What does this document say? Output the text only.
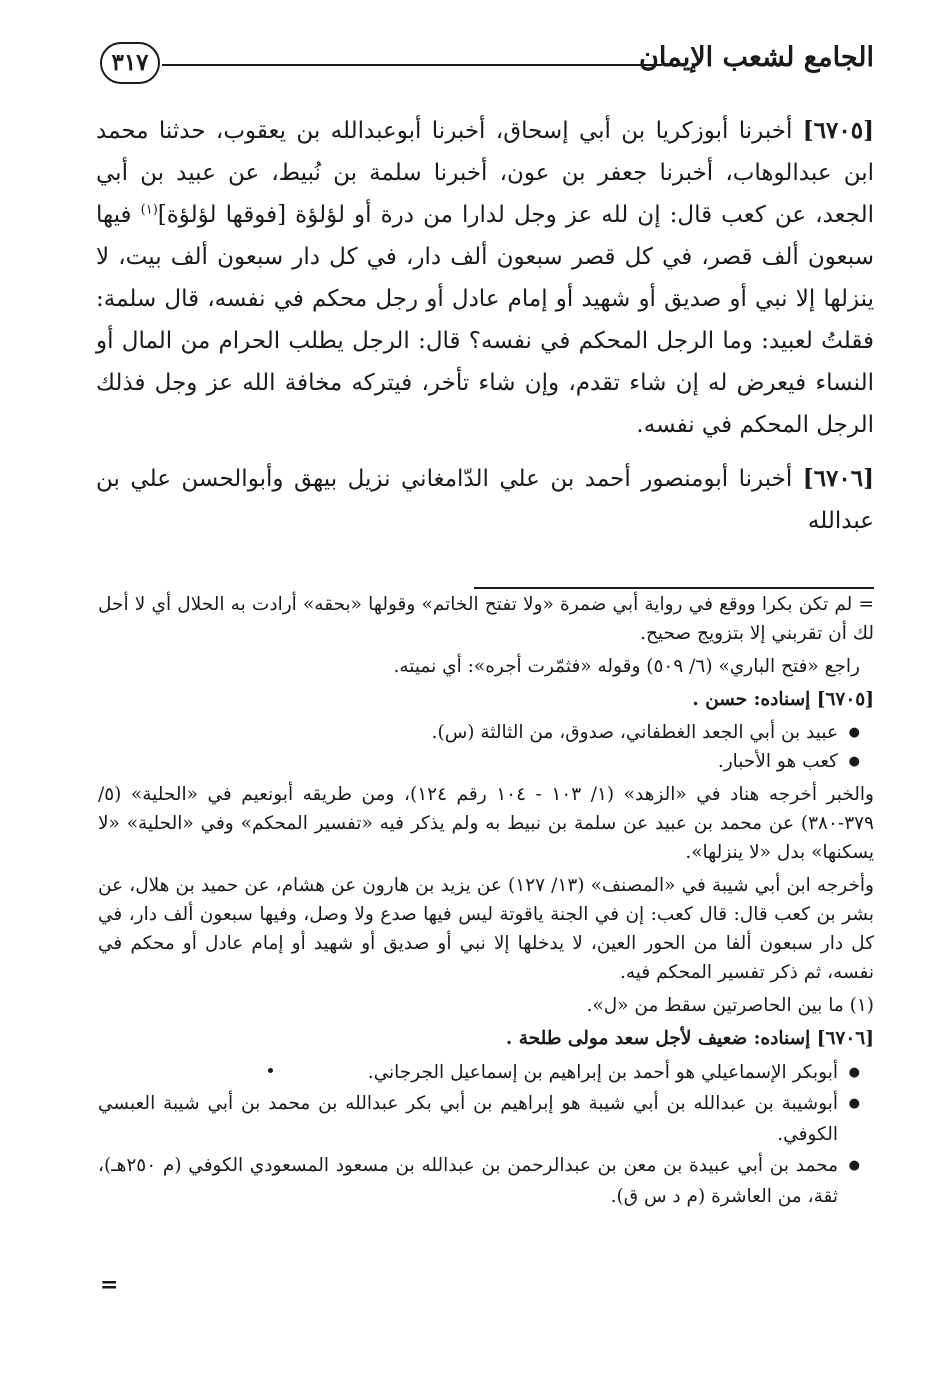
الجامع لشعب الإيمان
٣١٧

[٦٧٠٥] أخبرنا أبوزكريا بن أبي إسحاق، أخبرنا أبوعبدالله بن يعقوب، حدثنا محمد ابن عبدالوهاب، أخبرنا جعفر بن عون، أخبرنا سلمة بن نُبيط، عن عبيد بن أبي الجعد، عن كعب قال: إن لله عز وجل لدارا من درة أو لؤلؤة [فوقها لؤلؤة]$^{(١)}$ فيها سبعون ألف قصر، في كل قصر سبعون ألف دار، في كل دار سبعون ألف بيت، لا ينزلها إلا نبي أو صديق أو شهيد أو إمام عادل أو رجل محكم في نفسه، قال سلمة: فقلتُ لعبيد: وما الرجل المحكم في نفسه؟ قال: الرجل يطلب الحرام من المال أو النساء فيعرض له إن شاء تقدم، وإن شاء تأخر، فيتركه مخافة الله عز وجل فذلك الرجل المحكم في نفسه.

[٦٧٠٦] أخبرنا أبومنصور أحمد بن علي الدّامغاني نزيل بيهق وأبوالحسن علي بن عبدالله

= لم تكن بكرا ووقع في رواية أبي ضمرة «ولا تفتح الخاتم» وقولها «بحقه» أرادت به الحلال أي لا أحل لك أن تقربني إلا بتزويج صحيح.

راجع «فتح الباري» (٦/ ٥٠٩) وقوله «فثمّرت أجره»: أي نميته.

[٦٧٠٥] إسناده: حسن .

● عبيد بن أبي الجعد الغطفاني، صدوق، من الثالثة (س).
● كعب هو الأحبار.

والخبر أخرجه هناد في «الزهد» (١/ ١٠٣ - ١٠٤ رقم ١٢٤)، ومن طريقه أبونعيم في «الحلية» (٥/ ٣٧٩-٣٨٠) عن محمد بن عبيد عن سلمة بن نبيط به ولم يذكر فيه «تفسير المحكم» وفي «الحلية» «لا يسكنها» بدل «لا ينزلها».

وأخرجه ابن أبي شيبة في «المصنف» (١٣/ ١٢٧) عن يزيد بن هارون عن هشام، عن حميد بن هلال، عن بشر بن كعب قال: قال كعب: إن في الجنة ياقوتة ليس فيها صدع ولا وصل، وفيها سبعون ألف دار، في كل دار سبعون ألفا من الحور العين، لا يدخلها إلا نبي أو صديق أو شهيد أو إمام عادل أو محكم في نفسه، ثم ذكر تفسير المحكم فيه.

(١) ما بين الحاصرتين سقط من «ل».

[٦٧٠٦] إسناده: ضعيف لأجل سعد مولى طلحة .

● أبوبكر الإسماعيلي هو أحمد بن إبراهيم بن إسماعيل الجرجاني.
● أبوشيبة بن عبدالله بن أبي شيبة هو إبراهيم بن أبي بكر عبدالله بن محمد بن أبي شيبة العبسي الكوفي.
● محمد بن أبي عبيدة بن معن بن عبدالرحمن بن عبدالله بن مسعود المسعودي الكوفي (م ٢٥٠هـ)، ثقة، من العاشرة (م د س ق).
=
